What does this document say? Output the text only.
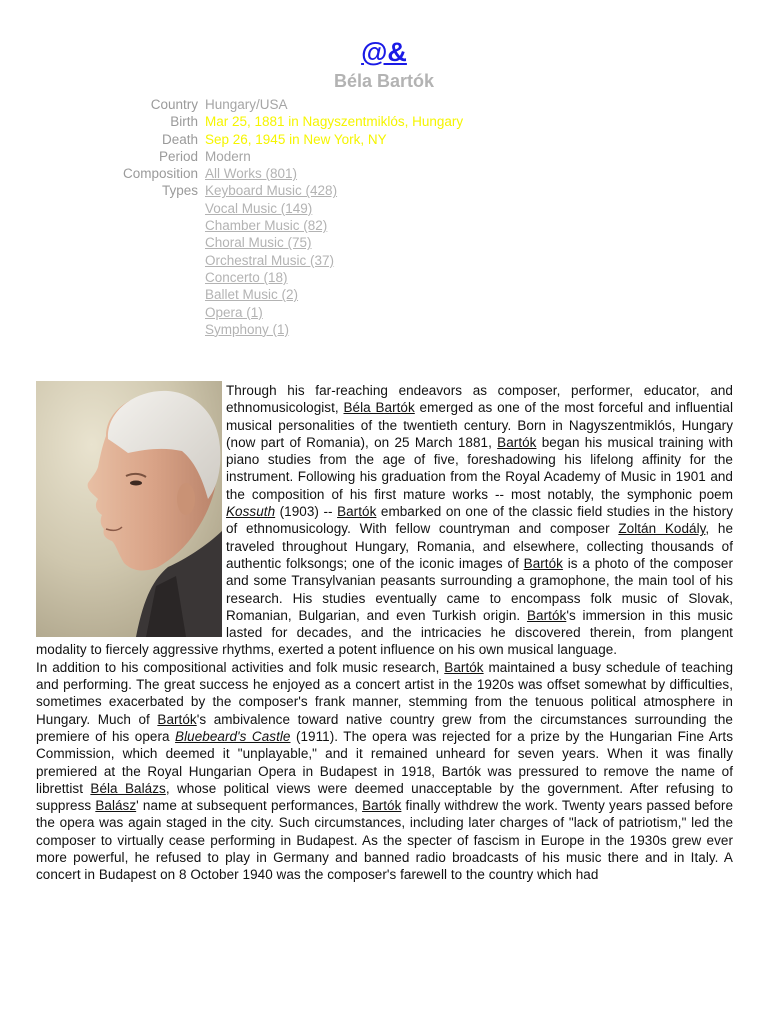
@&
Béla Bartók
Country Hungary/USA
Birth Mar 25, 1881 in Nagyszentmiklós, Hungary
Death Sep 26, 1945 in New York, NY
Period Modern
Composition
Types
All Works (801)
Keyboard Music (428)
Vocal Music (149)
Chamber Music (82)
Choral Music (75)
Orchestral Music (37)
Concerto (18)
Ballet Music (2)
Opera (1)
Symphony (1)

Through his far-reaching endeavors as composer, performer, educator, and ethnomusicologist, Béla Bartók emerged as one of the most forceful and influential musical personalities of the twentieth century. Born in Nagyszentmiklós, Hungary (now part of Romania), on 25 March 1881, Bartók began his musical training with piano studies from the age of five, foreshadowing his lifelong affinity for the instrument. Following his graduation from the Royal Academy of Music in 1901 and the composition of his first mature works -- most notably, the symphonic poem Kossuth (1903) -- Bartók embarked on one of the classic field studies in the history of ethnomusicology. With fellow countryman and composer Zoltán Kodály, he traveled throughout Hungary, Romania, and elsewhere, collecting thousands of authentic folksongs; one of the iconic images of Bartók is a photo of the composer and some Transylvanian peasants surrounding a gramophone, the main tool of his research. His studies eventually came to encompass folk music of Slovak, Romanian, Bulgarian, and even Turkish origin. Bartók's immersion in this music lasted for decades, and the intricacies he discovered therein, from plangent modality to fiercely aggressive rhythms, exerted a potent influence on his own musical language.

In addition to his compositional activities and folk music research, Bartók maintained a busy schedule of teaching and performing. The great success he enjoyed as a concert artist in the 1920s was offset somewhat by difficulties, sometimes exacerbated by the composer's frank manner, stemming from the tenuous political atmosphere in Hungary. Much of Bartók's ambivalence toward native country grew from the circumstances surrounding the premiere of his opera Bluebeard's Castle (1911). The opera was rejected for a prize by the Hungarian Fine Arts Commission, which deemed it "unplayable," and it remained unheard for seven years. When it was finally premiered at the Royal Hungarian Opera in Budapest in 1918, Bartók was pressured to remove the name of librettist Béla Balázs, whose political views were deemed unacceptable by the government. After refusing to suppress Balász' name at subsequent performances, Bartók finally withdrew the work. Twenty years passed before the opera was again staged in the city. Such circumstances, including later charges of "lack of patriotism," led the composer to virtually cease performing in Budapest. As the specter of fascism in Europe in the 1930s grew ever more powerful, he refused to play in Germany and banned radio broadcasts of his music there and in Italy. A concert in Budapest on 8 October 1940 was the composer's farewell to the country which had
